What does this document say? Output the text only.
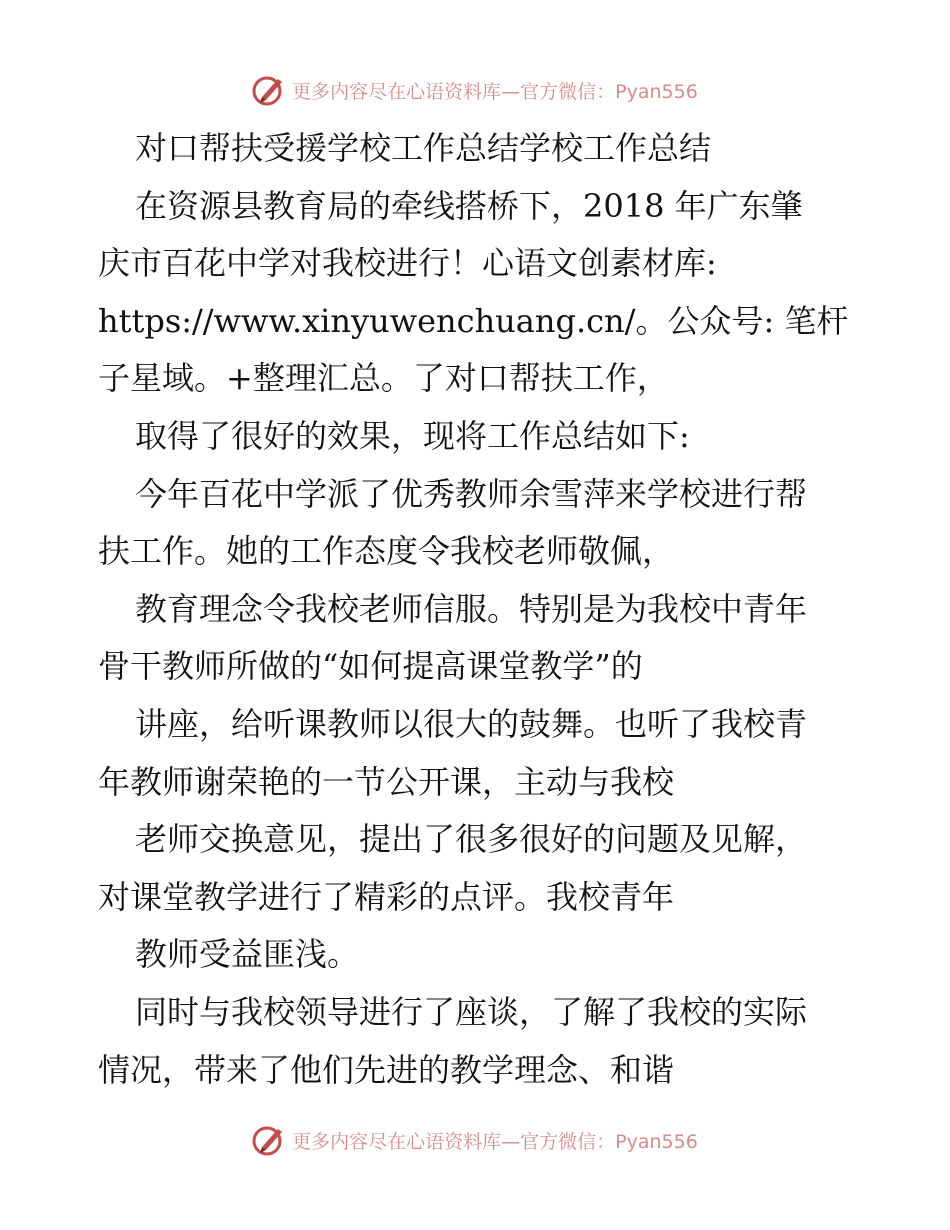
更多内容尽在心语资料库—官方微信：Pyan556
对口帮扶受援学校工作总结学校工作总结
在资源县教育局的牵线搭桥下，2018 年广东肇
庆市百花中学对我校进行！心语文创素材库:
https://www.xinyuwenchuang.cn/。公众号: 笔杆
子星域。+整理汇总。了对口帮扶工作，
取得了很好的效果，现将工作总结如下:
今年百花中学派了优秀教师余雪萍来学校进行帮
扶工作。她的工作态度令我校老师敬佩，
教育理念令我校老师信服。特别是为我校中青年
骨干教师所做的“如何提高课堂教学”的
讲座，给听课教师以很大的鼓舞。也听了我校青
年教师谢荣艳的一节公开课，主动与我校
老师交换意见，提出了很多很好的问题及见解，
对课堂教学进行了精彩的点评。我校青年
教师受益匪浅。
同时与我校领导进行了座谈，了解了我校的实际
情况，带来了他们先进的教学理念、和谐
更多内容尽在心语资料库—官方微信：Pyan556
